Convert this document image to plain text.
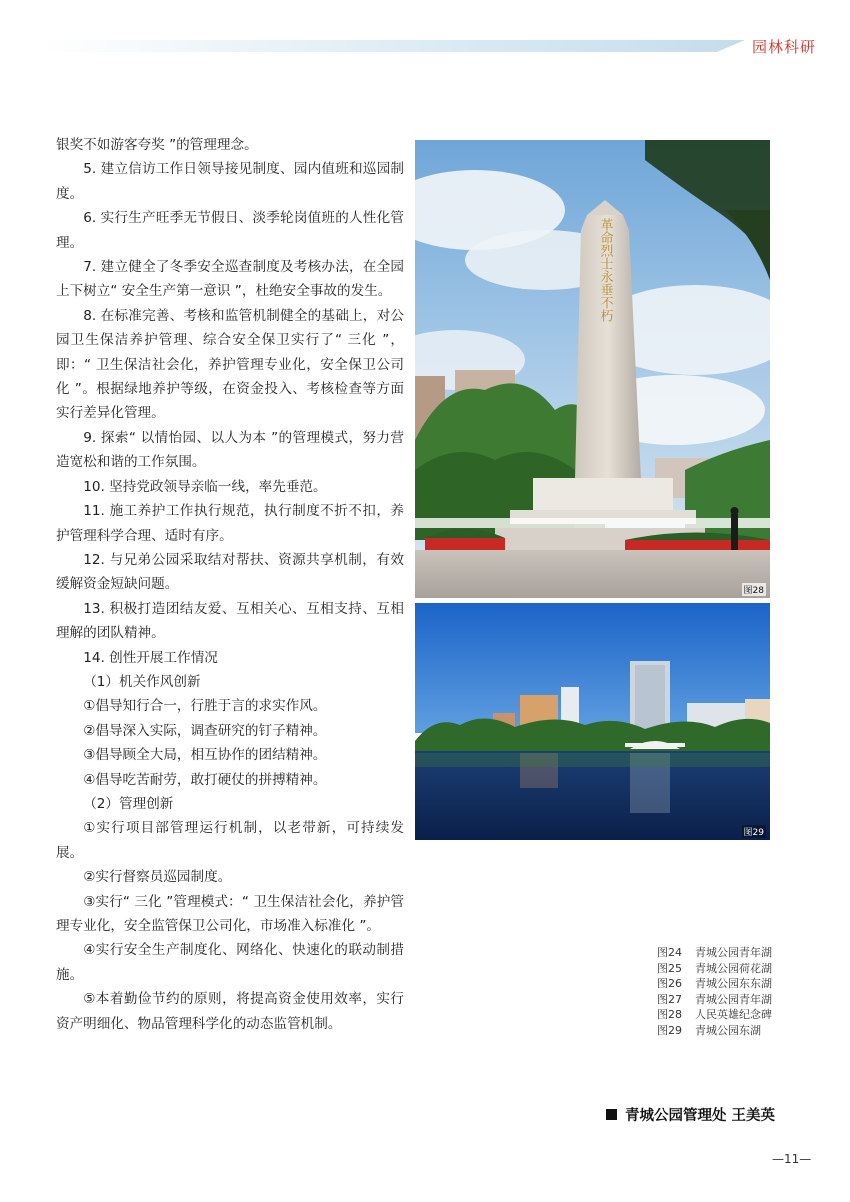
园林科研

银奖不如游客夸奖 ”的管理理念。

5. 建立信访工作日领导接见制度、园内值班和巡园制度。

6. 实行生产旺季无节假日、淡季轮岗值班的人性化管理。

7. 建立健全了冬季安全巡查制度及考核办法，在全园上下树立“ 安全生产第一意识 ”，杜绝安全事故的发生。

8. 在标准完善、考核和监管机制健全的基础上，对公园卫生保洁养护管理、综合安全保卫实行了“ 三化 ”，即：“ 卫生保洁社会化，养护管理专业化，安全保卫公司化 ”。根据绿地养护等级，在资金投入、考核检查等方面实行差异化管理。

9. 探索“ 以情怡园、以人为本 ”的管理模式，努力营造宽松和谐的工作氛围。

10. 坚持党政领导亲临一线，率先垂范。

11. 施工养护工作执行规范，执行制度不折不扣，养护管理科学合理、适时有序。

12. 与兄弟公园采取结对帮扶、资源共享机制，有效缓解资金短缺问题。

13. 积极打造团结友爱、互相关心、互相支持、互相理解的团队精神。

14. 创性开展工作情况

（1）机关作风创新

①倡导知行合一，行胜于言的求实作风。

②倡导深入实际，调查研究的钉子精神。

③倡导顾全大局，相互协作的团结精神。

④倡导吃苦耐劳，敢打硬仗的拼搏精神。

（2）管理创新

①实行项目部管理运行机制，以老带新，可持续发展。

②实行督察员巡园制度。

③实行“ 三化 ”管理模式：“ 卫生保洁社会化，养护管理专业化，安全监管保卫公司化，市场准入标准化 ”。

④实行安全生产制度化、网络化、快速化的联动制措施。

⑤本着勤俭节约的原则，将提高资金使用效率，实行资产明细化、物品管理科学化的动态监管机制。

革命烈士永垂不朽
图28
图29
图24	青城公园青年湖
图25	青城公园荷花湖
图26	青城公园东东湖
图27	青城公园青年湖
图28	人民英雄纪念碑
图29	青城公园东湖
青城公园管理处 王美英
—11—
